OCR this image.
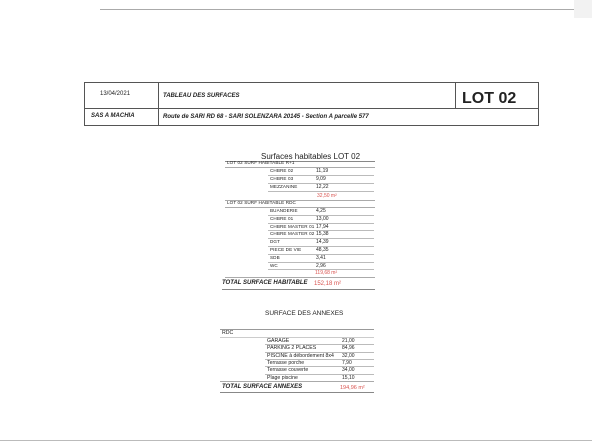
13/04/2021	TABLEAU DES SURFACES	LOT 02
SAS A MACHIA	Route de SARI RD 68 - SARI SOLENZARA 20145 - Section A parcelle 577
Surfaces habitables LOT 02
LOT 02 SURF HABITABLE R+1
CHBRE 02	11,19
CHBRE 03	9,09
MEZZANINE	12,22
32,50 m²
LOT 02 SURF HABITABLE RDC
BUANDERIE	4,25
CHBRE 01	13,00
CHBRE MASTER 01 17,94
CHBRE MASTER 02 15,38
DGT	14,39
PIECE DE VIE	48,35
SDB	3,41
WC	2,96
119,68 m²
TOTAL SURFACE HABITABLE 152,18 m²
SURFACE DES ANNEXES
RDC
GARAGE	21,00
PARKING 2 PLACES	84,96
PISCINE à débordement 8x4 32,00
Terrasse porche	7,90
Terrasse couverte	34,00
Plage piscine	15,10
TOTAL SURFACE ANNEXES	194,96 m²
